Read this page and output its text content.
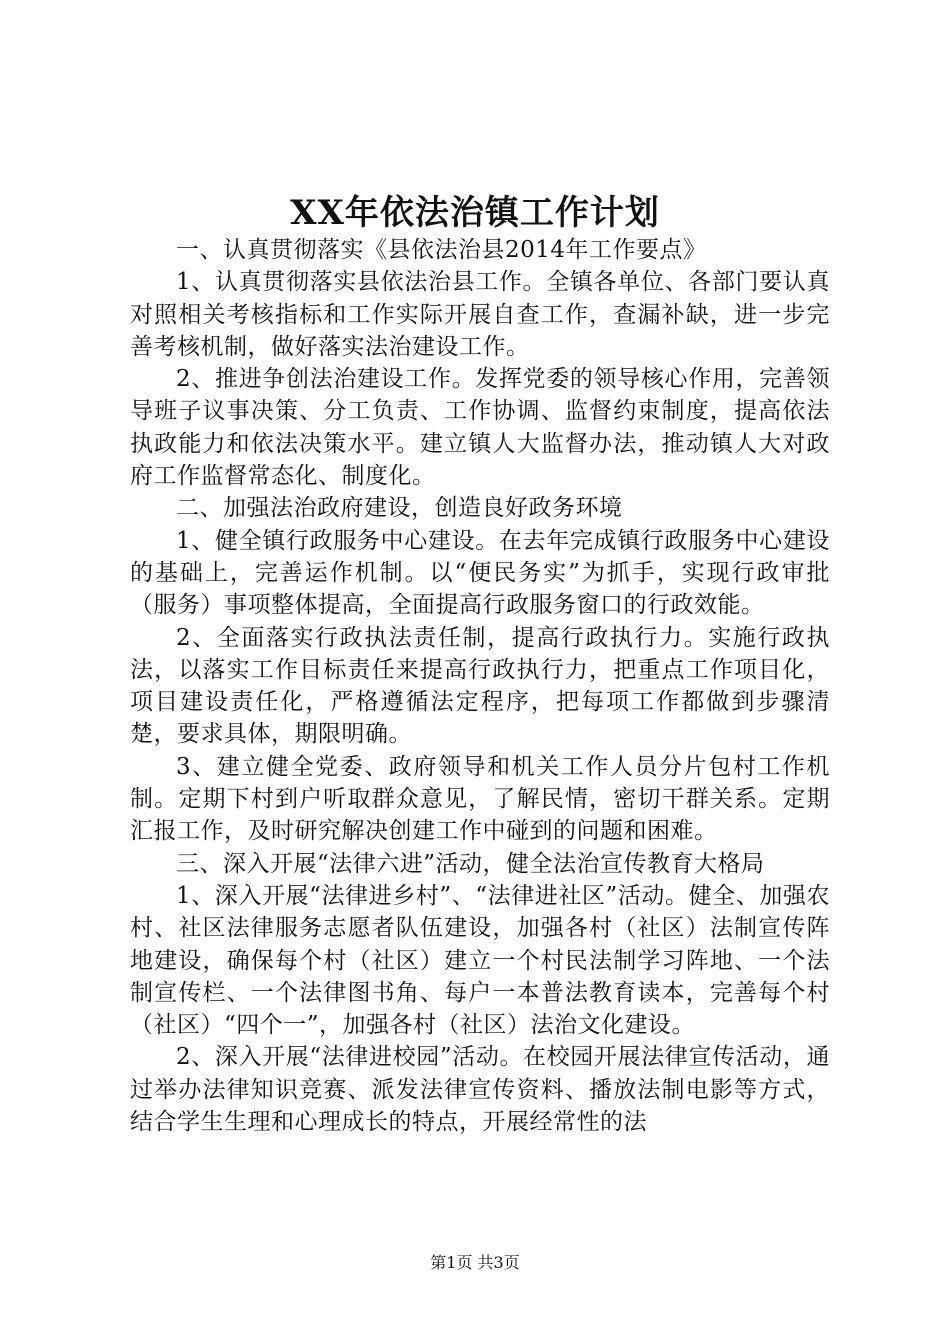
XX年依法治镇工作计划

一、认真贯彻落实《县依法治县2014年工作要点》

1、认真贯彻落实县依法治县工作。全镇各单位、各部门要认真对照相关考核指标和工作实际开展自查工作，查漏补缺，进一步完善考核机制，做好落实法治建设工作。

2、推进争创法治建设工作。发挥党委的领导核心作用，完善领导班子议事决策、分工负责、工作协调、监督约束制度，提高依法执政能力和依法决策水平。建立镇人大监督办法，推动镇人大对政府工作监督常态化、制度化。

二、加强法治政府建设，创造良好政务环境

1、健全镇行政服务中心建设。在去年完成镇行政服务中心建设的基础上，完善运作机制。以“便民务实”为抓手，实现行政审批（服务）事项整体提高，全面提高行政服务窗口的行政效能。

2、全面落实行政执法责任制，提高行政执行力。实施行政执法，以落实工作目标责任来提高行政执行力，把重点工作项目化，项目建设责任化，严格遵循法定程序，把每项工作都做到步骤清楚，要求具体，期限明确。

3、建立健全党委、政府领导和机关工作人员分片包村工作机制。定期下村到户听取群众意见，了解民情，密切干群关系。定期汇报工作，及时研究解决创建工作中碰到的问题和困难。

三、深入开展“法律六进”活动，健全法治宣传教育大格局

1、深入开展“法律进乡村”、“法律进社区”活动。健全、加强农村、社区法律服务志愿者队伍建设，加强各村（社区）法制宣传阵地建设，确保每个村（社区）建立一个村民法制学习阵地、一个法制宣传栏、一个法律图书角、每户一本普法教育读本，完善每个村（社区）“四个一”，加强各村（社区）法治文化建设。

2、深入开展“法律进校园”活动。在校园开展法律宣传活动，通过举办法律知识竞赛、派发法律宣传资料、播放法制电影等方式，结合学生生理和心理成长的特点，开展经常性的法

第1页 共3页
